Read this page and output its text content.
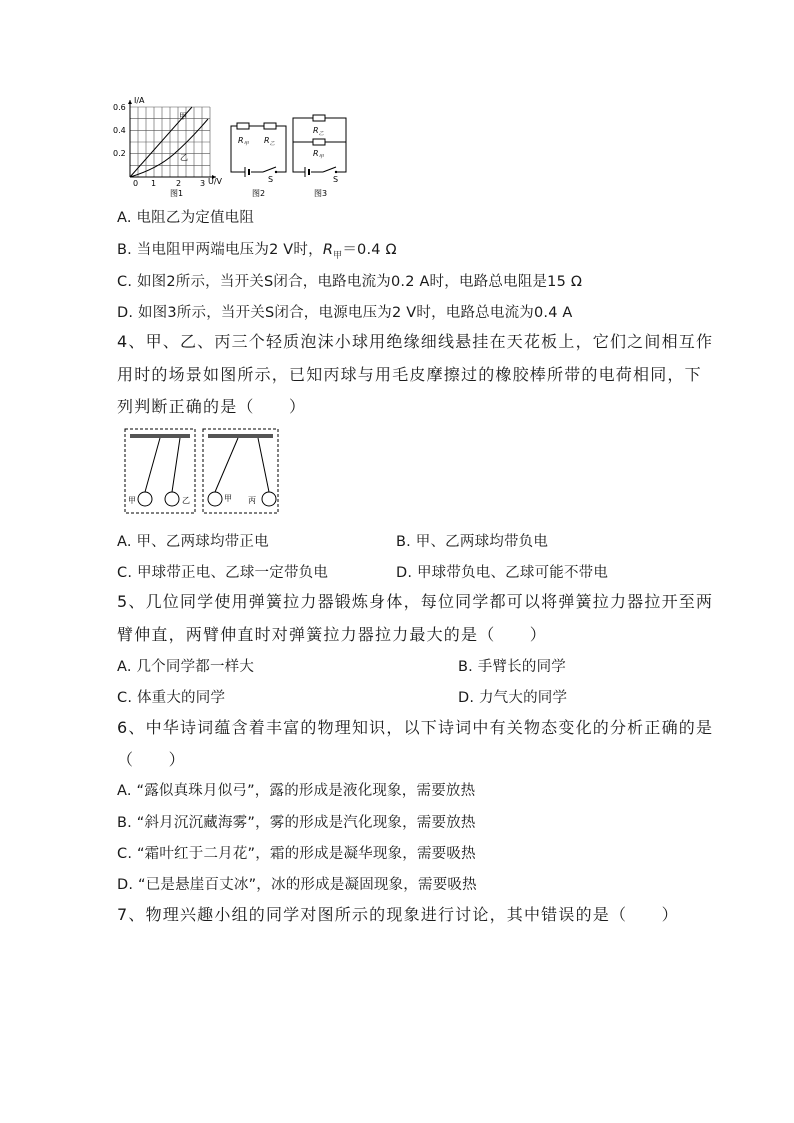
I/A
0.6
0.4
0.2
0 1 2 3 U/V
甲
乙
图1
$R_甲$ $R_乙$
S
图2
$R_乙$
$R_甲$
S
图3
A. 电阻乙为定值电阻
B. 当电阻甲两端电压为2 V时，$R_甲=0.4$ Ω
C. 如图2所示，当开关S闭合，电路电流为0.2 A时，电路总电阻是15 Ω
D. 如图3所示，当开关S闭合，电源电压为2 V时，电路总电流为0.4 A
4、甲、乙、丙三个轻质泡沫小球用绝缘细线悬挂在天花板上，它们之间相互作
用时的场景如图所示，已知丙球与用毛皮摩擦过的橡胶棒所带的电荷相同，下
列判断正确的是（　　）
甲	乙	甲 丙
A. 甲、乙两球均带正电	B. 甲、乙两球均带负电
C. 甲球带正电、乙球一定带负电	D. 甲球带负电、乙球可能不带电
5、几位同学使用弹簧拉力器锻炼身体，每位同学都可以将弹簧拉力器拉开至两
臂伸直，两臂伸直时对弹簧拉力器拉力最大的是（　　）
A. 几个同学都一样大	B. 手臂长的同学
C. 体重大的同学	D. 力气大的同学
6、中华诗词蕴含着丰富的物理知识，以下诗词中有关物态变化的分析正确的是
（　　）
A. “露似真珠月似弓”，露的形成是液化现象，需要放热
B. “斜月沉沉藏海雾”，雾的形成是汽化现象，需要放热
C. “霜叶红于二月花”，霜的形成是凝华现象，需要吸热
D. “已是悬崖百丈冰”，冰的形成是凝固现象，需要吸热
7、物理兴趣小组的同学对图所示的现象进行讨论，其中错误的是（　　）
